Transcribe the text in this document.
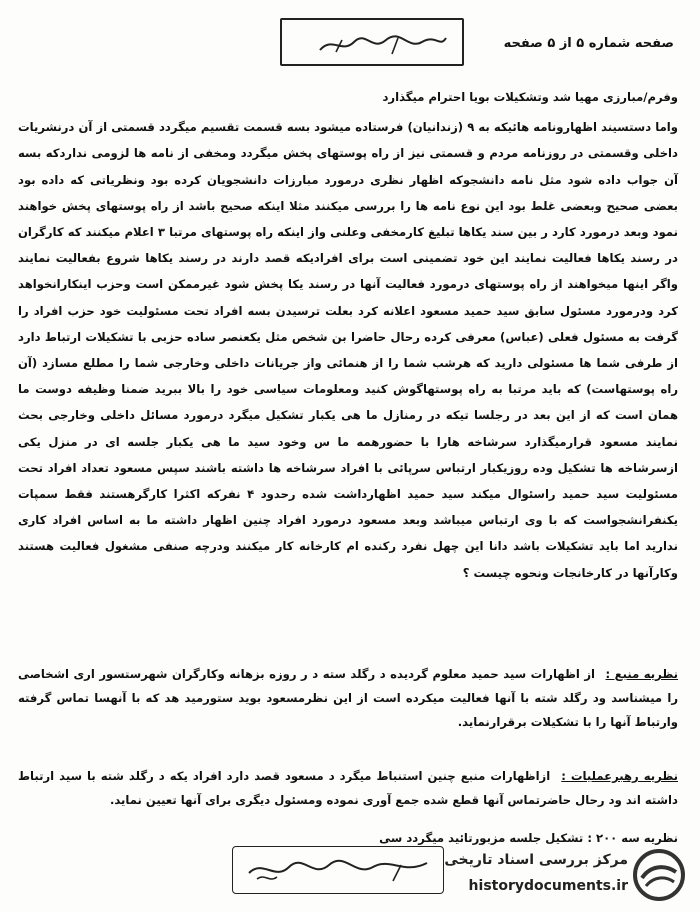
صفحه شماره ۵ از ۵ صفحه

وفرم/مبارزی مهیا شد وتشکیلات بویا احترام میگذارد

واما دستسیند اظهارونامه هائیکه به ۹ (زندانیان) فرستاده میشود بسه قسمت تقسیم میگردد قسمتی از آن درنشریات داخلی وقسمتی در روزنامه مردم و قسمتی نیز از راه پوستهای پخش میگردد ومخفی از نامه ها لزومی نداردکه بسه آن جواب داده شود مثل نامه دانشجوکه اظهار نظری درمورد مبارزات دانشجویان کرده بود ونظریاتی که داده بود بعضی صحیح وبعضی غلط بود این نوع نامه ها را بررسی میکنند مثلا اینکه صحیح باشد از راه پوستهای پخش خواهند نمود وبعد درمورد کارد ر بین سند یکاها تبلیغ کارمخفی وعلنی واز اینکه راه پوستهای مرتبا ۳ اعلام میکنند که کارگران در رسند یکاها فعالیت نمایند این خود تضمینی است برای افرادیکه قصد دارند در رسند یکاها شروع بفعالیت نمایند واگر اینها میخواهند از راه پوستهای درمورد فعالیت آنها در رسند یکا پخش شود غیرممکن است وحزب اینکارانخواهد کرد ودرمورد مسئول سابق سید حمید مسعود اعلانه کرد بعلت ترسیدن بسه افراد تحت مسئولیت خود حزب افراد را گرفت به مسئول فعلی (عباس) معرفی کرده رحال حاضرا بن شخص مثل یکعنصر ساده حزبی با تشکیلات ارتباط دارد از طرفی شما ها مسئولی دارید که هرشب شما را از هنمائی واز جریانات داخلی وخارجی شما را مطلع مسازد (آن راه پوستهاست) که باید مرتبا به راه پوستهاگوش کنید ومعلومات سیاسی خود را بالا ببرید ضمنا وظیفه دوست ما همان است که از این بعد در رجلسا تیکه در رمنازل ما هی یکبار تشکیل میگرد درمورد مسائل داخلی وخارجی بحث نمایند مسعود قرارمیگذارد سرشاخه هارا با حضورهمه ما س وخود سید ما هی یکبار جلسه ای در منزل یکی ازسرشاخه ها تشکیل وده روزیکبار ارتباس سرپائی با افراد سرشاخه ها داشته باشند سپس مسعود تعداد افراد تحت مسئولیت سید حمید راسئوال میکند سید حمید اظهارداشت شده رحدود ۴ نفرکه اکثرا کارگرهستند فقط سمپات یکنفرانشجواست که با وی ارتباس میباشد وبعد مسعود درمورد افراد چنین اظهار داشته ما به اساس افراد کاری ندارید اما باید تشکیلات باشد دانا این چهل نفرد رکنده ام کارخانه کار میکنند ودرچه صنفی مشغول فعالیت هستند وکارآنها در کارخانجات ونحوه چیست ؟

نظریه منبع : از اظهارات سید حمید معلوم گردیده د رگلد سته د ر روزه بزهانه وکارگران شهرستسور اری اشخاصی را میشناسد ود رگلد شته با آنها فعالیت میکرده است از این نظرمسعود بوید ستورمید هد که با آنهسا تماس گرفته وارتباط آنها را با تشکیلات برقرارنماید.
نظریه رهبرعملیات : ازاظهارات منبع چنین استنباط میگرد د مسعود قصد دارد افراد یکه د رگلد شته با سید ارتباط داشته اند ود رحال حاضرتماس آنها قطع شده جمع آوری نموده ومسئول دیگری برای آنها تعیین نماید.
نظریه سه ۲۰۰ : تشکیل جلسه مزبورتائید میگردد سی
مرکز بررسی اسناد تاریخی
historydocuments.ir
